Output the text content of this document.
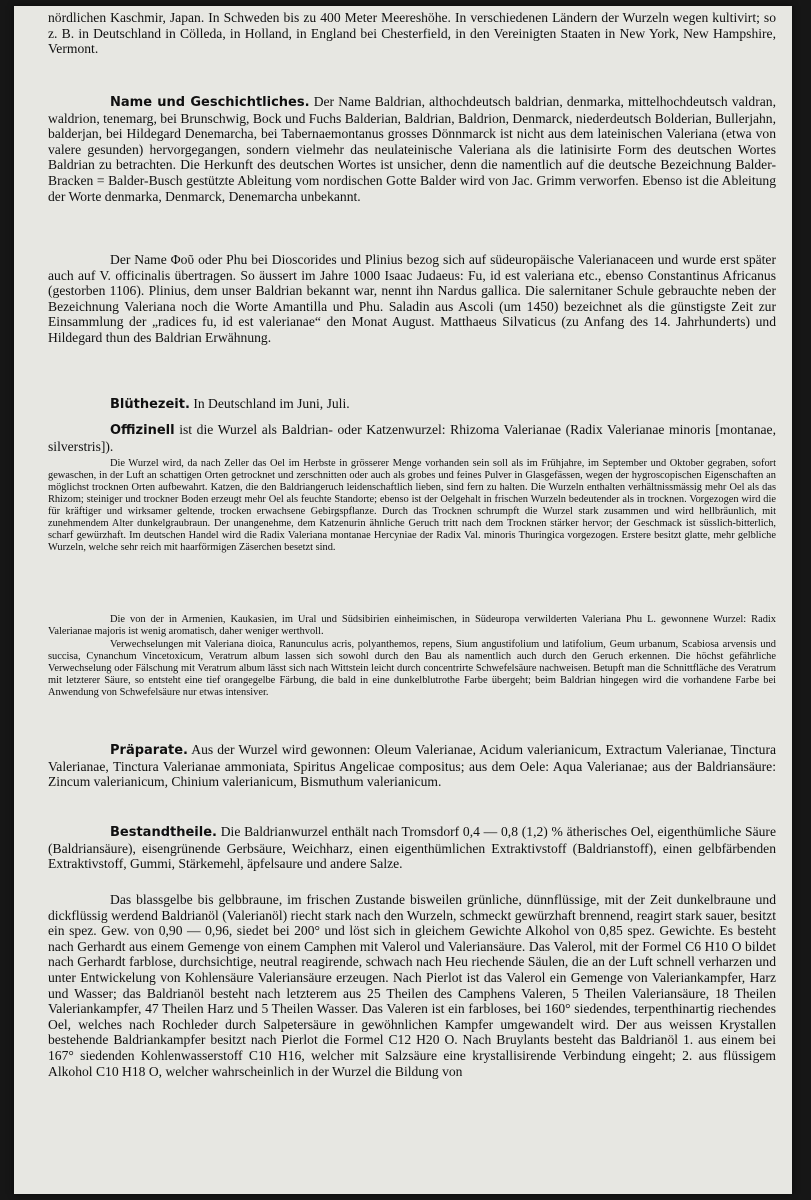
nördlichen Kaschmir, Japan. In Schweden bis zu 400 Meter Meereshöhe. In verschiedenen Ländern der Wurzeln wegen kultivirt; so z. B. in Deutschland in Cölleda, in Holland, in England bei Chesterfield, in den Vereinigten Staaten in New York, New Hampshire, Vermont.

Name und Geschichtliches. Der Name Baldrian, althochdeutsch baldrian, denmarka, mittelhochdeutsch valdran, waldrion, tenemarg, bei Brunschwig, Bock und Fuchs Balderian, Baldrian, Baldrion, Denmarck, niederdeutsch Bolderian, Bullerjahn, balderjan, bei Hildegard Denemarcha, bei Tabernaemontanus grosses Dönnmarck ist nicht aus dem lateinischen Valeriana (etwa von valere gesunden) hervorgegangen, sondern vielmehr das neulateinische Valeriana als die latinisirte Form des deutschen Wortes Baldrian zu betrachten. Die Herkunft des deutschen Wortes ist unsicher, denn die namentlich auf die deutsche Bezeichnung Balder-Bracken = Balder-Busch gestützte Ableitung vom nordischen Gotte Balder wird von Jac. Grimm verworfen. Ebenso ist die Ableitung der Worte denmarka, Denmarck, Denemarcha unbekannt.

Der Name Φοῦ oder Phu bei Dioscorides und Plinius bezog sich auf südeuropäische Valerianaceen und wurde erst später auch auf V. officinalis übertragen. So äussert im Jahre 1000 Isaac Judaeus: Fu, id est valeriana etc., ebenso Constantinus Africanus (gestorben 1106). Plinius, dem unser Baldrian bekannt war, nennt ihn Nardus gallica. Die salernitaner Schule gebrauchte neben der Bezeichnung Valeriana noch die Worte Amantilla und Phu. Saladin aus Ascoli (um 1450) bezeichnet als die günstigste Zeit zur Einsammlung der „radices fu, id est valerianae“ den Monat August. Matthaeus Silvaticus (zu Anfang des 14. Jahrhunderts) und Hildegard thun des Baldrian Erwähnung.

Blüthezeit. In Deutschland im Juni, Juli.

Offizinell ist die Wurzel als Baldrian- oder Katzenwurzel: Rhizoma Valerianae (Radix Valerianae minoris [montanae, silverstris]).

Die Wurzel wird, da nach Zeller das Oel im Herbste in grösserer Menge vorhanden sein soll als im Frühjahre, im September und Oktober gegraben, sofort gewaschen, in der Luft an schattigen Orten getrocknet und zerschnitten oder auch als grobes und feines Pulver in Glasgefässen, wegen der hygroscopischen Eigenschaften an möglichst trocknen Orten aufbewahrt. Katzen, die den Baldriangeruch leidenschaftlich lieben, sind fern zu halten. Die Wurzeln enthalten verhältnissmässig mehr Oel als das Rhizom; steiniger und trockner Boden erzeugt mehr Oel als feuchte Standorte; ebenso ist der Oelgehalt in frischen Wurzeln bedeutender als in trocknen. Vorgezogen wird die für kräftiger und wirksamer geltende, trocken erwachsene Gebirgspflanze. Durch das Trocknen schrumpft die Wurzel stark zusammen und wird hellbräunlich, mit zunehmendem Alter dunkelgraubraun. Der unangenehme, dem Katzenurin ähnliche Geruch tritt nach dem Trocknen stärker hervor; der Geschmack ist süsslich-bitterlich, scharf gewürzhaft. Im deutschen Handel wird die Radix Valeriana montanae Hercyniae der Radix Val. minoris Thuringica vorgezogen. Erstere besitzt glatte, mehr gelbliche Wurzeln, welche sehr reich mit haarförmigen Zäserchen besetzt sind.

Die von der in Armenien, Kaukasien, im Ural und Südsibirien einheimischen, in Südeuropa verwilderten Valeriana Phu L. gewonnene Wurzel: Radix Valerianae majoris ist wenig aromatisch, daher weniger werthvoll.

Verwechselungen mit Valeriana dioica, Ranunculus acris, polyanthemos, repens, Sium angustifolium und latifolium, Geum urbanum, Scabiosa arvensis und succisa, Cynanchum Vincetoxicum, Veratrum album lassen sich sowohl durch den Bau als namentlich auch durch den Geruch erkennen. Die höchst gefährliche Verwechselung oder Fälschung mit Veratrum album lässt sich nach Wittstein leicht durch concentrirte Schwefelsäure nachweisen. Betupft man die Schnittfläche des Veratrum mit letzterer Säure, so entsteht eine tief orangegelbe Färbung, die bald in eine dunkelblutrothe Farbe übergeht; beim Baldrian hingegen wird die vorhandene Farbe bei Anwendung von Schwefelsäure nur etwas intensiver.

Präparate. Aus der Wurzel wird gewonnen: Oleum Valerianae, Acidum valerianicum, Extractum Valerianae, Tinctura Valerianae, Tinctura Valerianae ammoniata, Spiritus Angelicae compositus; aus dem Oele: Aqua Valerianae; aus der Baldriansäure: Zincum valerianicum, Chinium valerianicum, Bismuthum valerianicum.

Bestandtheile. Die Baldrianwurzel enthält nach Tromsdorf 0,4 — 0,8 (1,2) % ätherisches Oel, eigenthümliche Säure (Baldriansäure), eisengrünende Gerbsäure, Weichharz, einen eigenthümlichen Extraktivstoff (Baldrianstoff), einen gelbfärbenden Extraktivstoff, Gummi, Stärkemehl, äpfelsaure und andere Salze.

Das blassgelbe bis gelbbraune, im frischen Zustande bisweilen grünliche, dünnflüssige, mit der Zeit dunkelbraune und dickflüssig werdend Baldrianöl (Valerianöl) riecht stark nach den Wurzeln, schmeckt gewürzhaft brennend, reagirt stark sauer, besitzt ein spez. Gew. von 0,90 — 0,96, siedet bei 200° und löst sich in gleichem Gewichte Alkohol von 0,85 spez. Gewichte. Es besteht nach Gerhardt aus einem Gemenge von einem Camphen mit Valerol und Valeriansäure. Das Valerol, mit der Formel C6 H10 O bildet nach Gerhardt farblose, durchsichtige, neutral reagirende, schwach nach Heu riechende Säulen, die an der Luft schnell verharzen und unter Entwickelung von Kohlensäure Valeriansäure erzeugen. Nach Pierlot ist das Valerol ein Gemenge von Valeriankampfer, Harz und Wasser; das Baldrianöl besteht nach letzterem aus 25 Theilen des Camphens Valeren, 5 Theilen Valeriansäure, 18 Theilen Valeriankampfer, 47 Theilen Harz und 5 Theilen Wasser. Das Valeren ist ein farbloses, bei 160° siedendes, terpenthinartig riechendes Oel, welches nach Rochleder durch Salpetersäure in gewöhnlichen Kampfer umgewandelt wird. Der aus weissen Krystallen bestehende Baldriankampfer besitzt nach Pierlot die Formel C12 H20 O. Nach Bruylants besteht das Baldrianöl 1. aus einem bei 167° siedenden Kohlenwasserstoff C10 H16, welcher mit Salzsäure eine krystallisirende Verbindung eingeht; 2. aus flüssigem Alkohol C10 H18 O, welcher wahrscheinlich in der Wurzel die Bildung von
